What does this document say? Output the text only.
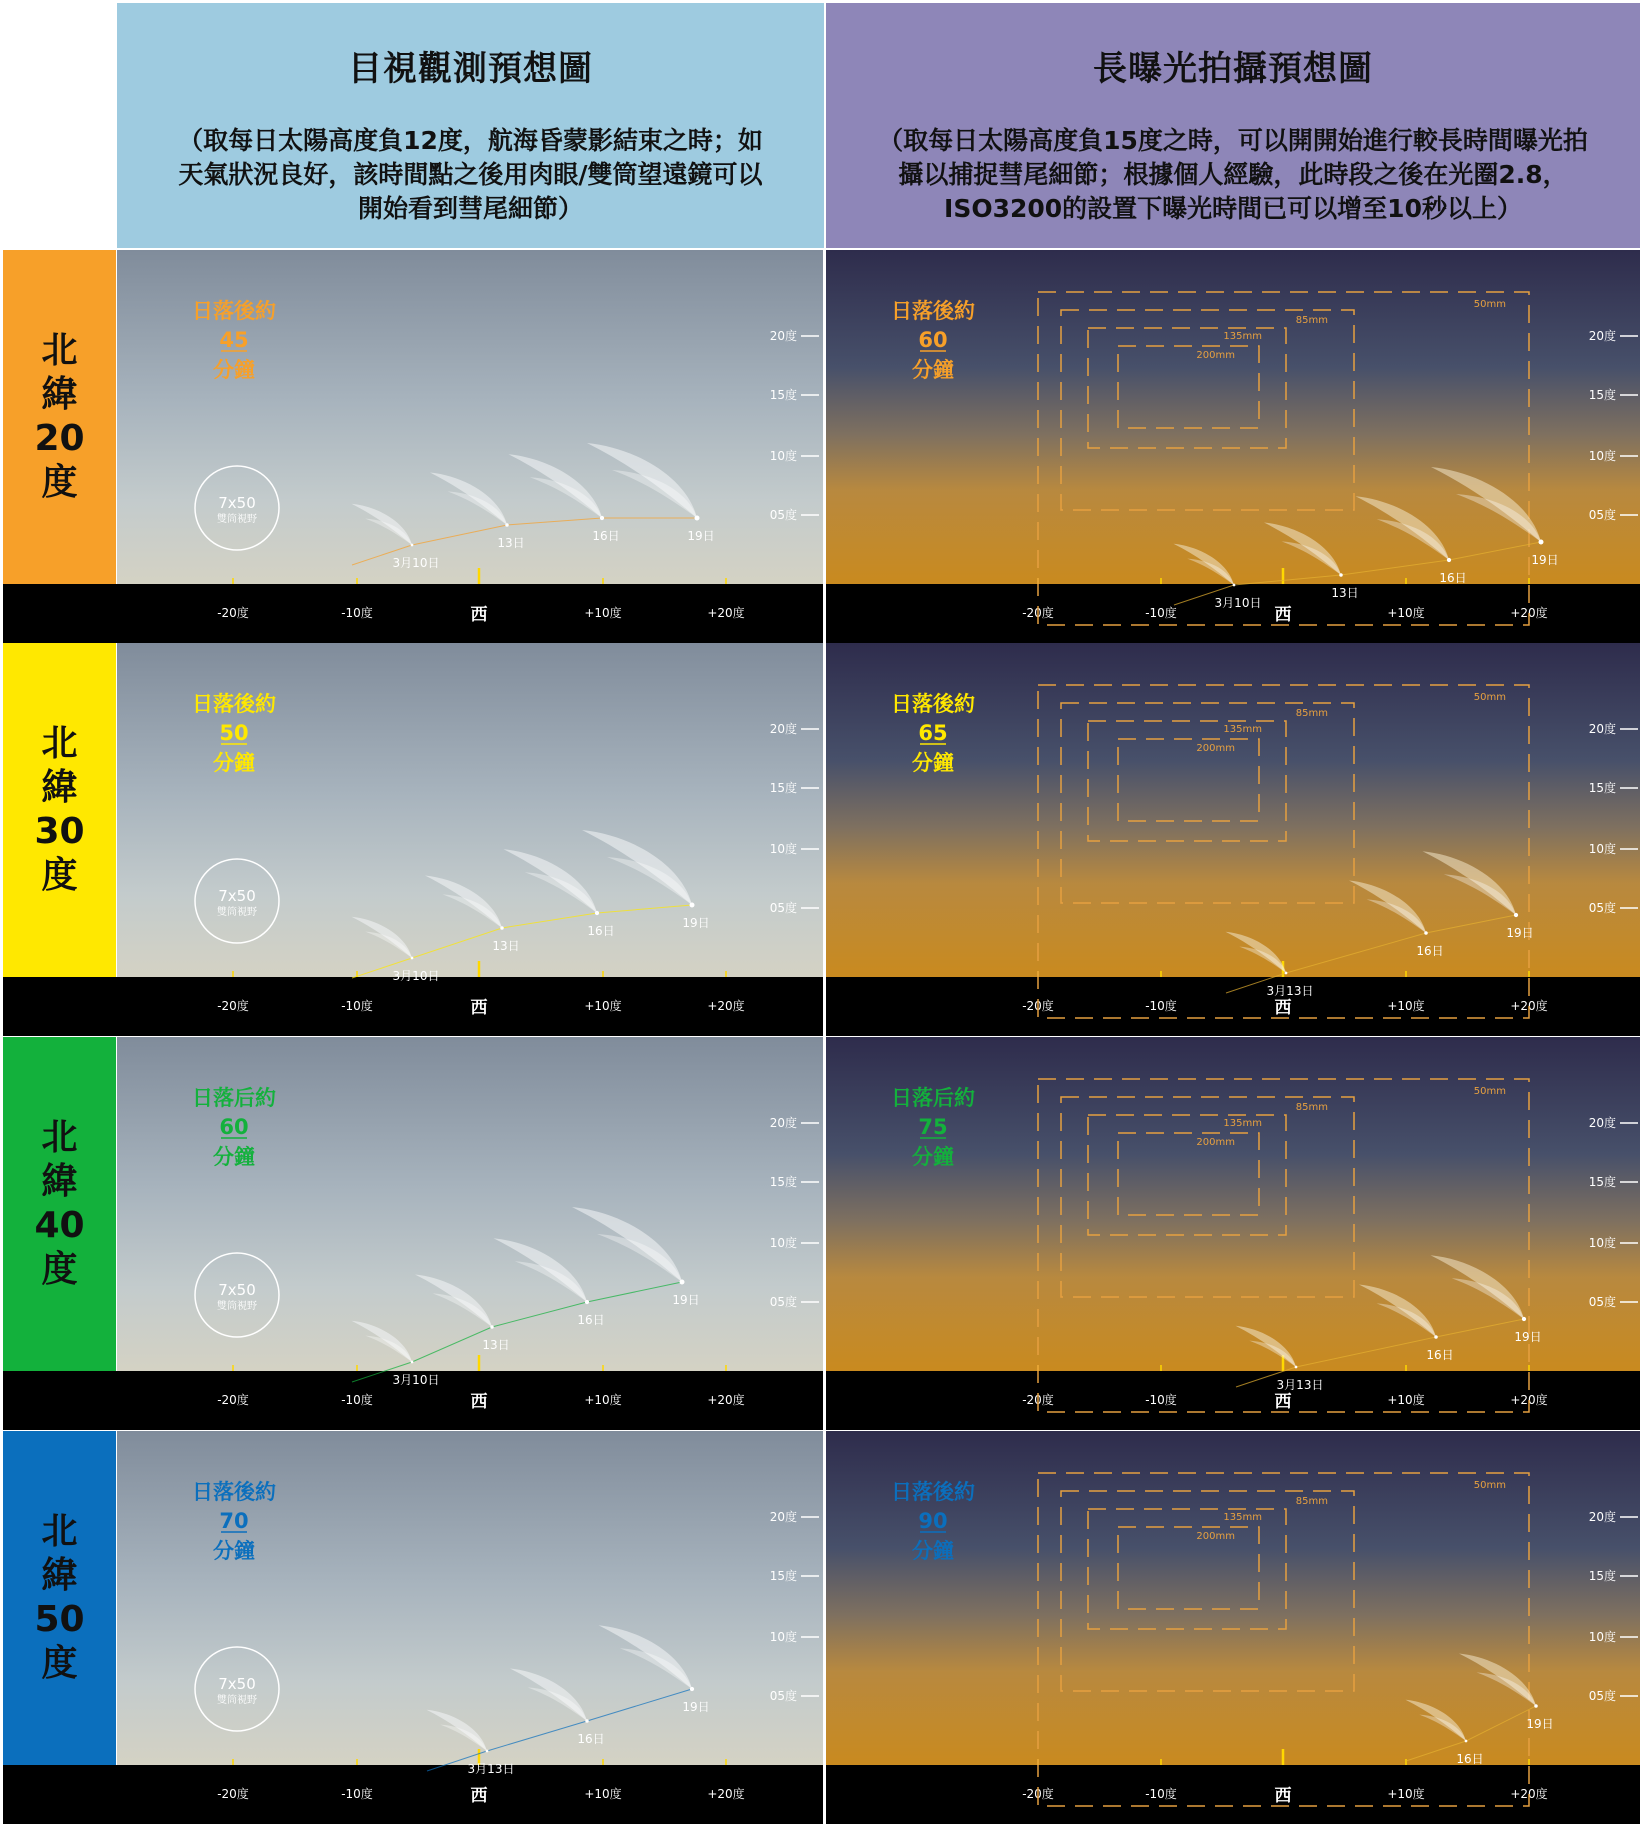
目視觀測預想圖
（取每日太陽高度負12度，航海昏蒙影結束之時；如天氣狀況良好，該時間點之後用肉眼/雙筒望遠鏡可以開始看到彗尾細節）
長曝光拍攝預想圖
（取每日太陽高度負15度之時，可以開開始進行較長時間曝光拍攝以捕捉彗尾細節；根據個人經驗，此時段之後在光圈2.8，ISO3200的設置下曝光時間已可以增至10秒以上）
北
緯
20
度
20度
15度
10度
05度
-20度	-10度	西	+10度	+20度
日落後約
45
分鐘
7x50
雙筒視野
3月10日
13日	16日	19日
20度
15度
10度
05度
-20度	-10度	西	+10度	+20度
日落後約
60
分鐘
50mm
85mm
135mm
200mm
3月10日
13日
16日
19日
北
緯
30
度
20度
15度
10度
05度
-20度	-10度	西	+10度	+20度
日落後約
50
分鐘
7x50
雙筒視野
3月10日
13日
16日
19日
20度
15度
10度
05度
-20度	-10度	西	+10度	+20度
日落後約
65
分鐘
50mm
85mm
135mm
200mm
3月13日
16日
19日
北
緯
40
度
20度
15度
10度
05度
-20度	-10度	西	+10度	+20度
日落后約
60
分鐘
7x50
雙筒視野
3月10日
13日
16日
19日
20度
15度
10度
05度
-20度	-10度	西	+10度	+20度
日落后約
75
分鐘
50mm
85mm
135mm
200mm
3月13日
16日
19日
北
緯
50
度
20度
15度
10度
05度
-20度	-10度	西	+10度	+20度
日落後約
70
分鐘
7x50
雙筒視野
3月13日
16日
19日
20度
15度
10度
05度
-20度	-10度	西	+10度	+20度
日落後約
90
分鐘
50mm
85mm
135mm
200mm
16日
19日
